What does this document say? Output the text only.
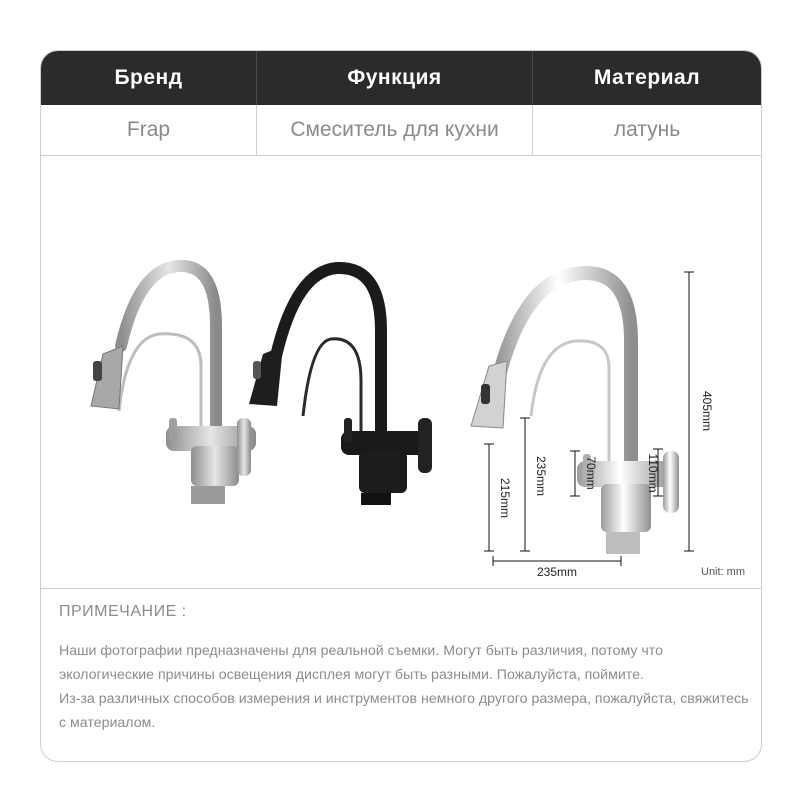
Бренд	Функция	Материал
Frap	Смеситель для кухни	латунь
405mm
215mm
235mm	70mm	110mm
235mm	Unit: mm
ПРИМЕЧАНИЕ :

Наши фотографии предназначены для реальной съемки. Могут быть различия, потому что экологические причины освещения дисплея могут быть разными. Пожалуйста, поймите.

Из-за различных способов измерения и инструментов немного другого размера, пожалуйста, свяжитесь с материалом.
